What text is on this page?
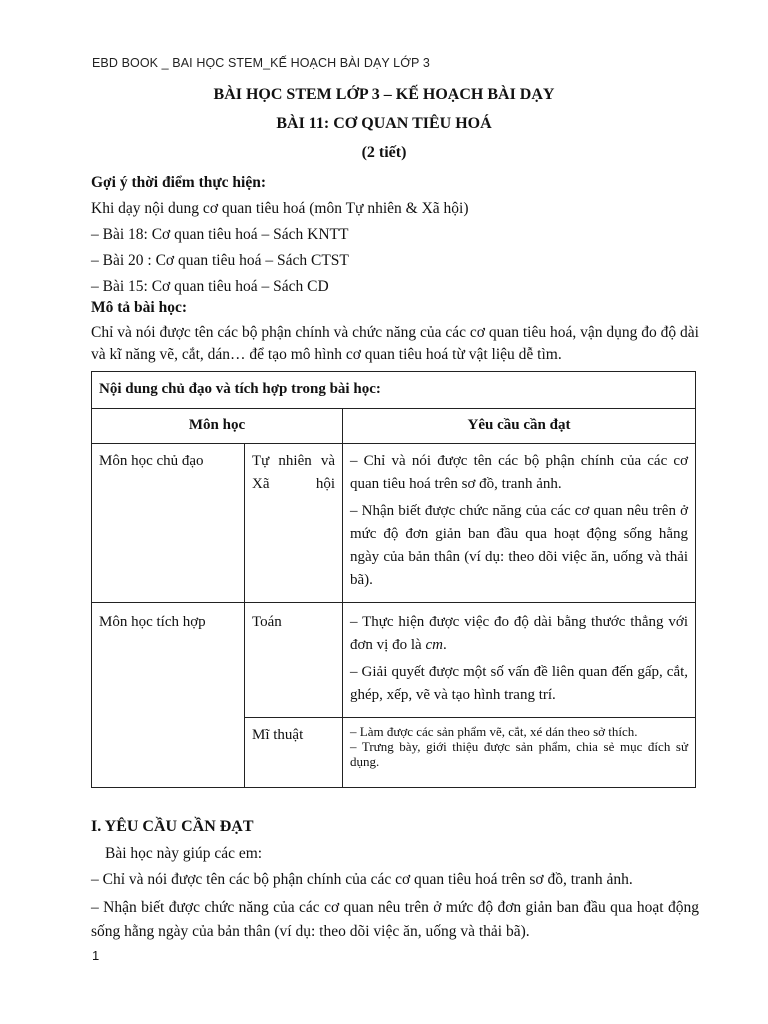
EBD BOOK _ BAI HỌC STEM_KẾ HOẠCH BÀI DẠY LỚP 3
BÀI HỌC STEM LỚP 3 – KẾ HOẠCH BÀI DẠY
BÀI 11: CƠ QUAN TIÊU HOÁ
(2 tiết)
Gợi ý thời điểm thực hiện:
Khi dạy nội dung cơ quan tiêu hoá (môn Tự nhiên & Xã hội)
– Bài 18: Cơ quan tiêu hoá – Sách KNTT
– Bài 20 : Cơ quan tiêu hoá – Sách CTST
– Bài 15: Cơ quan tiêu hoá – Sách CD
Mô tả bài học:
Chỉ và nói được tên các bộ phận chính và chức năng của các cơ quan tiêu hoá, vận dụng đo độ dài và kĩ năng vẽ, cắt, dán… để tạo mô hình cơ quan tiêu hoá từ vật liệu dễ tìm.
Nội dung chủ đạo và tích hợp trong bài học:		
Môn học		Yêu cầu cần đạt
Môn học chủ đạo	Tự nhiên và Xã hội	– Chỉ và nói được tên các bộ phận chính của các cơ quan tiêu hoá trên sơ đồ, tranh ảnh.

– Nhận biết được chức năng của các cơ quan nêu trên ở mức độ đơn giản ban đầu qua hoạt động sống hằng ngày của bản thân (ví dụ: theo dõi việc ăn, uống và thải bã).

Môn học tích hợp	Toán	– Thực hiện được việc đo độ dài bằng thước thẳng với đơn vị đo là cm.

– Giải quyết được một số vấn đề liên quan đến gấp, cắt, ghép, xếp, vẽ và tạo hình trang trí.

	Mĩ thuật	– Làm được các sản phẩm vẽ, cắt, xé dán theo sở thích.

– Trưng bày, giới thiệu được sản phẩm, chia sẻ mục đích sử dụng.

I. YÊU CẦU CẦN ĐẠT
Bài học này giúp các em:
– Chỉ và nói được tên các bộ phận chính của các cơ quan tiêu hoá trên sơ đồ, tranh ảnh.
– Nhận biết được chức năng của các cơ quan nêu trên ở mức độ đơn giản ban đầu qua hoạt động sống hằng ngày của bản thân (ví dụ: theo dõi việc ăn, uống và thải bã).
1
